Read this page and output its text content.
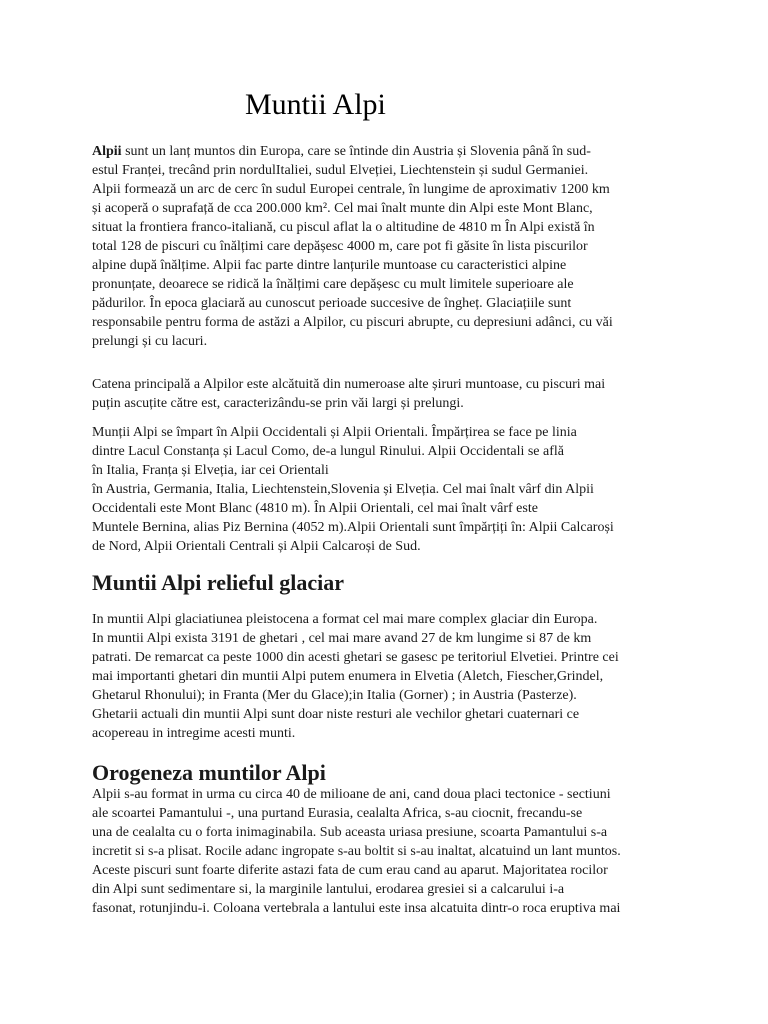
Muntii Alpi
Alpii sunt un lanț muntos din Europa, care se întinde din Austria și Slovenia până în sud-
estul Franței, trecând prin nordulItaliei, sudul Elveției, Liechtenstein și sudul Germaniei.
Alpii formează un arc de cerc în sudul Europei centrale, în lungime de aproximativ 1200 km
și acoperă o suprafață de cca 200.000 km². Cel mai înalt munte din Alpi este Mont Blanc,
situat la frontiera franco-italiană, cu piscul aflat la o altitudine de 4810 m În Alpi există în
total 128 de piscuri cu înălțimi care depășesc 4000 m, care pot fi găsite în lista piscurilor
alpine după înălțime. Alpii fac parte dintre lanțurile muntoase cu caracteristici alpine
pronunțate, deoarece se ridică la înălțimi care depășesc cu mult limitele superioare ale
pădurilor. În epoca glaciară au cunoscut perioade succesive de îngheț. Glaciațiile sunt
responsabile pentru forma de astăzi a Alpilor, cu piscuri abrupte, cu depresiuni adânci, cu văi
prelungi și cu lacuri.
Catena principală a Alpilor este alcătuită din numeroase alte șiruri muntoase, cu piscuri mai
puțin ascuțite către est, caracterizându-se prin văi largi și prelungi.
Munții Alpi se împart în Alpii Occidentali și Alpii Orientali. Împărțirea se face pe linia
dintre Lacul Constanța și Lacul Como, de-a lungul Rinului. Alpii Occidentali se află
în Italia, Franța și Elveția, iar cei Orientali
în Austria, Germania, Italia, Liechtenstein,Slovenia și Elveția. Cel mai înalt vârf din Alpii
Occidentali este Mont Blanc (4810 m). În Alpii Orientali, cel mai înalt vârf este
Muntele Bernina, alias Piz Bernina (4052 m).Alpii Orientali sunt împărțiți în: Alpii Calcaroși
de Nord, Alpii Orientali Centrali și Alpii Calcaroși de Sud.
Muntii Alpi relieful glaciar
In muntii Alpi glaciatiunea pleistocena a format cel mai mare complex glaciar din Europa.
In muntii Alpi exista 3191 de ghetari , cel mai mare avand 27 de km lungime si 87 de km
patrati. De remarcat ca peste 1000 din acesti ghetari se gasesc pe teritoriul Elvetiei. Printre cei
mai importanti ghetari din muntii Alpi putem enumera in Elvetia (Aletch, Fiescher,Grindel,
Ghetarul Rhonului); in Franta (Mer du Glace);in Italia (Gorner) ; in Austria (Pasterze).
Ghetarii actuali din muntii Alpi sunt doar niste resturi ale vechilor ghetari cuaternari ce
acopereau in intregime acesti munti.
Orogeneza muntilor Alpi
Alpii s-au format in urma cu circa 40 de milioane de ani, cand doua placi tectonice - sectiuni
ale scoartei Pamantului -, una purtand Eurasia, cealalta Africa, s-au ciocnit, frecandu-se
una de cealalta cu o forta inimaginabila. Sub aceasta uriasa presiune, scoarta Pamantului s-a
incretit si s-a plisat. Rocile adanc ingropate s-au boltit si s-au inaltat, alcatuind un lant muntos.
Aceste piscuri sunt foarte diferite astazi fata de cum erau cand au aparut. Majoritatea rocilor
din Alpi sunt sedimentare si, la marginile lantului, erodarea gresiei si a calcarului i-a
fasonat, rotunjindu-i. Coloana vertebrala a lantului este insa alcatuita dintr-o roca eruptiva mai
